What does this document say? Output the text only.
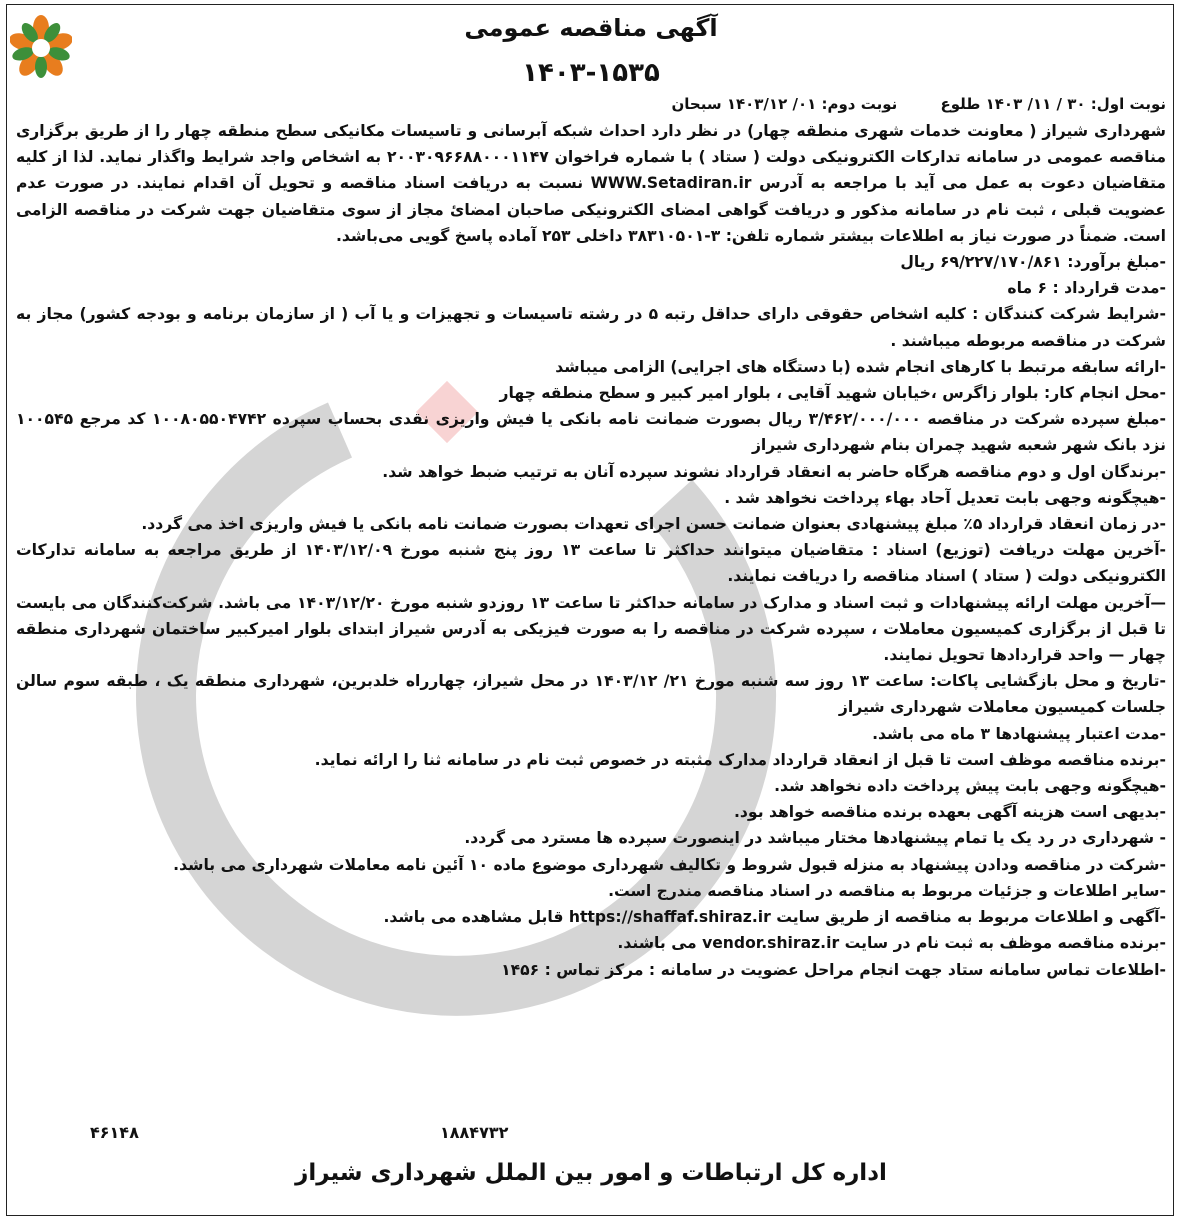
آگهی مناقصه عمومی
۱۴۰۳-۱۵۳۵
نوبت اول: ۳۰ / ۱۱/ ۱۴۰۳ طلوع نوبت دوم: ۰۱/ ۱۴۰۳/۱۲ سبحان

شهرداری شیراز ( معاونت خدمات شهری منطقه چهار) در نظر دارد احداث شبکه آبرسانی و تاسیسات مکانیکی سطح منطقه چهار را از طریق برگزاری مناقصه عمومی در سامانه تدارکات الکترونیکی دولت ( ستاد ) با شماره فراخوان ۲۰۰۳۰۹۶۶۸۸۰۰۰۱۱۴۷ به اشخاص واجد شرایط واگذار نماید. لذا از کلیه متقاضیان دعوت به عمل می آید با مراجعه به آدرس WWW.Setadiran.ir نسبت به دریافت اسناد مناقصه و تحویل آن اقدام نمایند. در صورت عدم عضویت قبلی ، ثبت نام در سامانه مذکور و دریافت گواهی امضای الکترونیکی صاحبان امضائ مجاز از سوی متقاضیان جهت شرکت در مناقصه الزامی است. ضمناً در صورت نیاز به اطلاعات بیشتر شماره تلفن: ۳-۳۸۳۱۰۵۰۱ داخلی ۲۵۳ آماده پاسخ گویی می‌باشد.

-مبلغ برآورد: ۶۹/۲۲۷/۱۷۰/۸۶۱ ریال

-مدت قرارداد : ۶ ماه

-شرایط شرکت کنندگان : کلیه اشخاص حقوقی دارای حداقل رتبه ۵ در رشته تاسیسات و تجهیزات و یا آب ( از سازمان برنامه و بودجه کشور) مجاز به شرکت در مناقصه مربوطه میباشند .

-ارائه سابقه مرتبط با کارهای انجام شده (با دستگاه های اجرایی) الزامی میباشد

-محل انجام کار: بلوار زاگرس ،خیابان شهید آقایی ، بلوار امیر کبیر و سطح منطقه چهار

-مبلغ سپرده شرکت در مناقصه ۳/۴۶۲/۰۰۰/۰۰۰ ریال بصورت ضمانت نامه بانکی یا فیش واریزی نقدی بحساب سپرده ۱۰۰۸۰۵۵۰۴۷۴۲ کد مرجع ۱۰۰۵۴۵ نزد بانک شهر شعبه شهید چمران بنام شهرداری شیراز

-برندگان اول و دوم مناقصه هرگاه حاضر به انعقاد قرارداد نشوند سپرده آنان به ترتیب ضبط خواهد شد.

-هیچگونه وجهی بابت تعدیل آحاد بهاء پرداخت نخواهد شد .

-در زمان انعقاد قرارداد ۵٪ مبلغ پیشنهادی بعنوان ضمانت حسن اجرای تعهدات بصورت ضمانت نامه بانکی یا فیش واریزی اخذ می گردد.

-آخرین مهلت دریافت (توزیع) اسناد : متقاضیان میتوانند حداکثر تا ساعت ۱۳ روز پنج شنبه مورخ ۱۴۰۳/۱۲/۰۹ از طریق مراجعه به سامانه تدارکات الکترونیکی دولت ( ستاد ) اسناد مناقصه را دریافت نمایند.

—آخرین مهلت ارائه پیشنهادات و ثبت اسناد و مدارک در سامانه حداکثر تا ساعت ۱۳ روزدو شنبه مورخ ۱۴۰۳/۱۲/۲۰ می باشد. شرکت‌کنندگان می بایست تا قبل از برگزاری کمیسیون معاملات ، سپرده شرکت در مناقصه را به صورت فیزیکی به آدرس شیراز ابتدای بلوار امیرکبیر ساختمان شهرداری منطقه چهار — واحد قراردادها تحویل نمایند.

-تاریخ و محل بازگشایی پاکات: ساعت ۱۳ روز سه شنبه مورخ ۲۱/ ۱۴۰۳/۱۲ در محل شیراز، چهارراه خلدبرین، شهرداری منطقه یک ، طبقه سوم سالن جلسات کمیسیون معاملات شهرداری شیراز

-مدت اعتبار پیشنهادها ۳ ماه می باشد.

-برنده مناقصه موظف است تا قبل از انعقاد قرارداد مدارک مثبته در خصوص ثبت نام در سامانه ثنا را ارائه نماید.

-هیچگونه وجهی بابت پیش پرداخت داده نخواهد شد.

-بدیهی است هزینه آگهی بعهده برنده مناقصه خواهد بود.

- شهرداری در رد یک یا تمام پیشنهادها مختار میباشد در اینصورت سپرده ها مسترد می گردد.

-شرکت در مناقصه ودادن پیشنهاد به منزله قبول شروط و تکالیف شهرداری موضوع ماده ۱۰ آئین نامه معاملات شهرداری می باشد.

-سایر اطلاعات و جزئیات مربوط به مناقصه در اسناد مناقصه مندرج است.

-آگهی و اطلاعات مربوط به مناقصه از طریق سایت https://shaffaf.shiraz.ir قابل مشاهده می باشد.

-برنده مناقصه موظف به ثبت نام در سایت vendor.shiraz.ir می باشند.

-اطلاعات تماس سامانه ستاد جهت انجام مراحل عضویت در سامانه : مرکز تماس : ۱۴۵۶

۱۸۸۴۷۳۲
۴۶۱۴۸
اداره کل ارتباطات و امور بین الملل شهرداری شیراز
